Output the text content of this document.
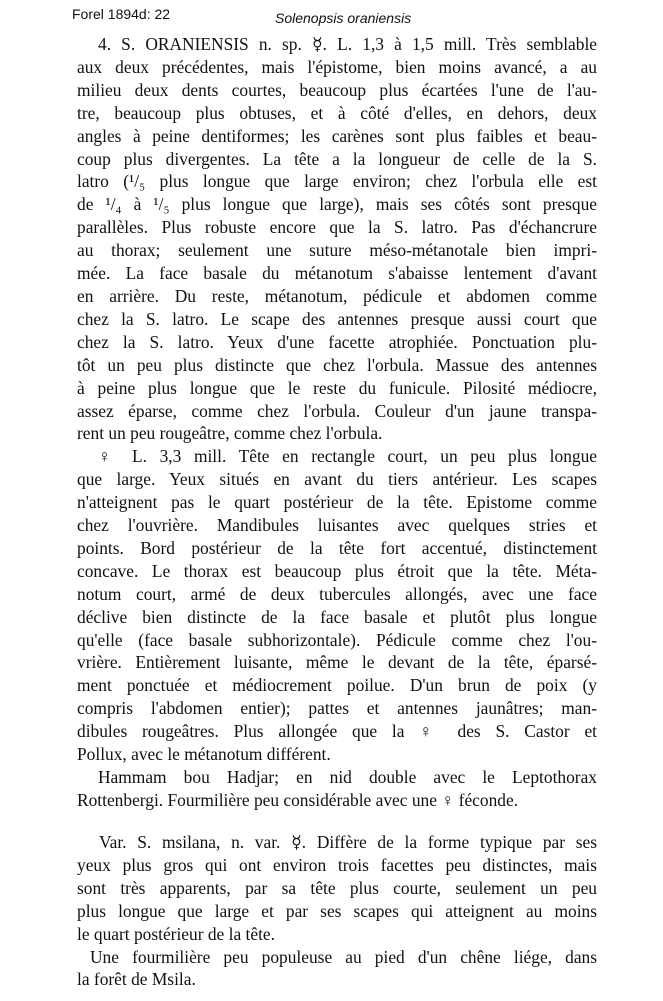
Forel 1894d: 22	Solenopsis oraniensis
4. S. ORANIENSIS n. sp. ☿. L. 1,3 à 1,5 mill. Très semblable
aux deux précédentes, mais l'épistome, bien moins avancé, a au
milieu deux dents courtes, beaucoup plus écartées l'une de l'au-
tre, beaucoup plus obtuses, et à côté d'elles, en dehors, deux
angles à peine dentiformes; les carènes sont plus faibles et beau-
coup plus divergentes. La tête a la longueur de celle de la S.
latro (¹/₅ plus longue que large environ; chez l'orbula elle est
de ¹/₄ à ¹/₅ plus longue que large), mais ses côtés sont presque
parallèles. Plus robuste encore que la S. latro. Pas d'échancrure
au thorax; seulement une suture méso-métanotale bien impri-
mée. La face basale du métanotum s'abaisse lentement d'avant
en arrière. Du reste, métanotum, pédicule et abdomen comme
chez la S. latro. Le scape des antennes presque aussi court que
chez la S. latro. Yeux d'une facette atrophiée. Ponctuation plu-
tôt un peu plus distincte que chez l'orbula. Massue des antennes
à peine plus longue que le reste du funicule. Pilosité médiocre,
assez éparse, comme chez l'orbula. Couleur d'un jaune transpa-
rent un peu rougeâtre, comme chez l'orbula.
♀ L. 3,3 mill. Tête en rectangle court, un peu plus longue
que large. Yeux situés en avant du tiers antérieur. Les scapes
n'atteignent pas le quart postérieur de la tête. Epistome comme
chez l'ouvrière. Mandibules luisantes avec quelques stries et
points. Bord postérieur de la tête fort accentué, distinctement
concave. Le thorax est beaucoup plus étroit que la tête. Méta-
notum court, armé de deux tubercules allongés, avec une face
déclive bien distincte de la face basale et plutôt plus longue
qu'elle (face basale subhorizontale). Pédicule comme chez l'ou-
vrière. Entièrement luisante, même le devant de la tête, éparsé-
ment ponctuée et médiocrement poilue. D'un brun de poix (y
compris l'abdomen entier); pattes et antennes jaunâtres; man-
dibules rougeâtres. Plus allongée que la ♀ des S. Castor et
Pollux, avec le métanotum différent.
Hammam bou Hadjar; en nid double avec le Leptothorax
Rottenbergi. Fourmilière peu considérable avec une ♀ féconde.
Var. S. msilana, n. var. ☿. Diffère de la forme typique par ses
yeux plus gros qui ont environ trois facettes peu distinctes, mais
sont très apparents, par sa tête plus courte, seulement un peu
plus longue que large et par ses scapes qui atteignent au moins
le quart postérieur de la tête.
Une fourmilière peu populeuse au pied d'un chêne liége, dans
la forêt de Msila.
